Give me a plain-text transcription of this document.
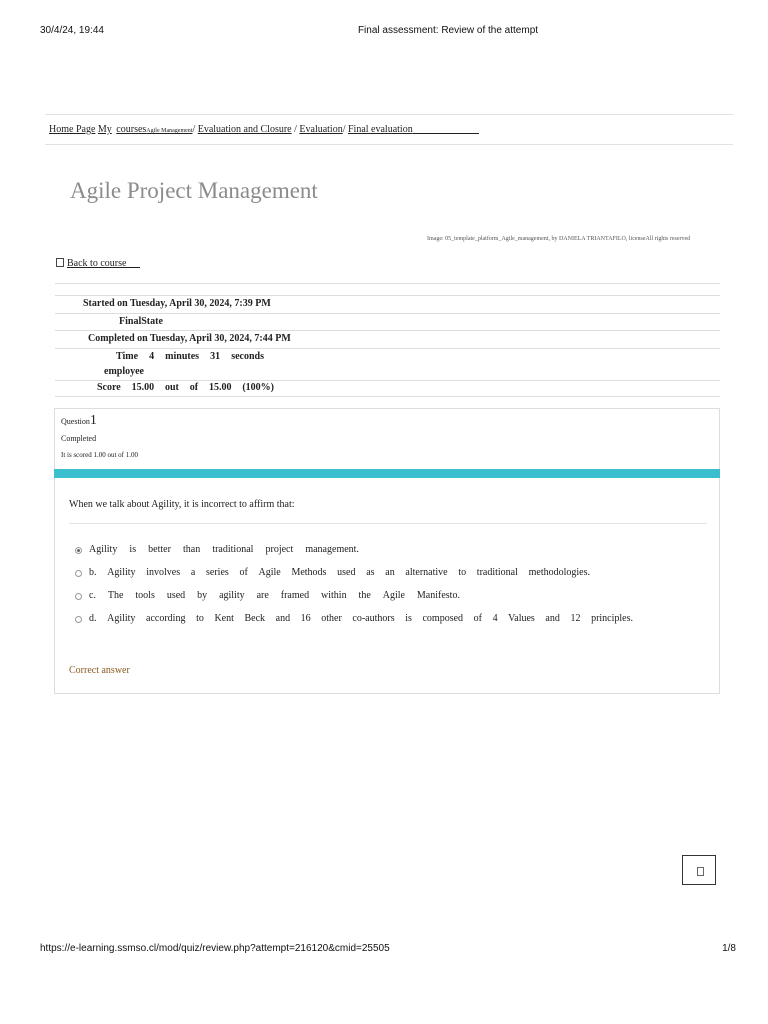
30/4/24, 19:44	Final assessment: Review of the attempt
Home Page My coursesAgile Management/ Evaluation and Closure / Evaluation/ Final evaluation
Agile Project Management
Image: 05_template_platform_Agile_management, by DANIELA TRIANTAFILO, licenseAll rights reserved
Back to course
Started on Tuesday, April 30, 2024, 7:39 PM
FinalState
Completed on Tuesday, April 30, 2024, 7:44 PM
Time 4 minutes 31 seconds
employee
Score 15.00 out of 15.00 (100%)
Question1
Completed
It is scored 1.00 out of 1.00
When we talk about Agility, it is incorrect to affirm that:
Agility is better than traditional project management.
b. Agility involves a series of Agile Methods used as an alternative to traditional methodologies.
c. The tools used by agility are framed within the Agile Manifesto.
d. Agility according to Kent Beck and 16 other co-authors is composed of 4 Values and 12 principles.
Correct answer
https://e-learning.ssmso.cl/mod/quiz/review.php?attempt=216120&cmid=25505	1/8
